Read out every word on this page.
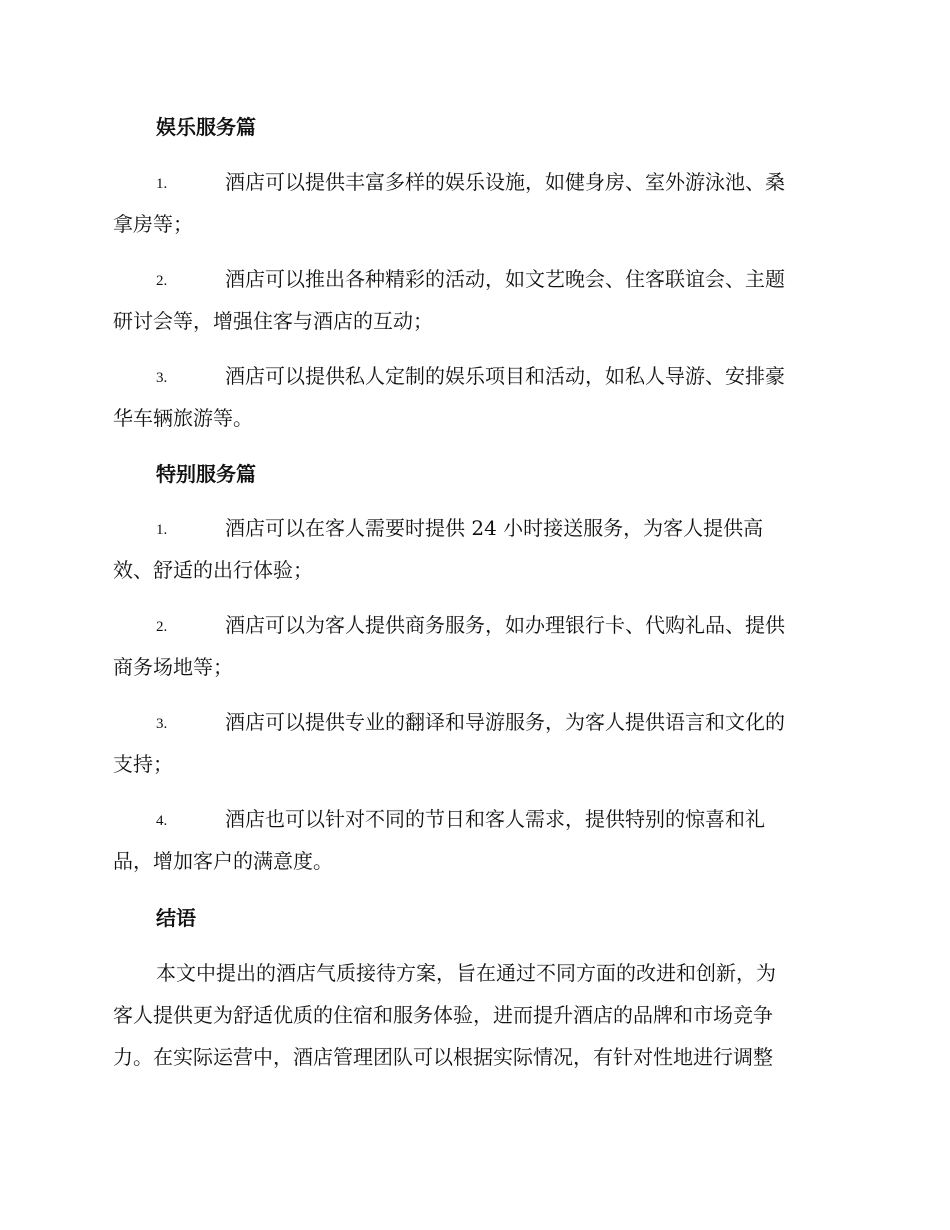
娱乐服务篇
1.	酒店可以提供丰富多样的娱乐设施，如健身房、室外游泳池、桑
拿房等；
2.	酒店可以推出各种精彩的活动，如文艺晚会、住客联谊会、主题
研讨会等，增强住客与酒店的互动；
3.	酒店可以提供私人定制的娱乐项目和活动，如私人导游、安排豪
华车辆旅游等。
特别服务篇
1.	酒店可以在客人需要时提供 24 小时接送服务，为客人提供高
效、舒适的出行体验；
2.	酒店可以为客人提供商务服务，如办理银行卡、代购礼品、提供
商务场地等；
3.	酒店可以提供专业的翻译和导游服务，为客人提供语言和文化的
支持；
4.	酒店也可以针对不同的节日和客人需求，提供特别的惊喜和礼
品，增加客户的满意度。
结语
本文中提出的酒店气质接待方案，旨在通过不同方面的改进和创新，为
客人提供更为舒适优质的住宿和服务体验，进而提升酒店的品牌和市场竞争
力。在实际运营中，酒店管理团队可以根据实际情况，有针对性地进行调整
